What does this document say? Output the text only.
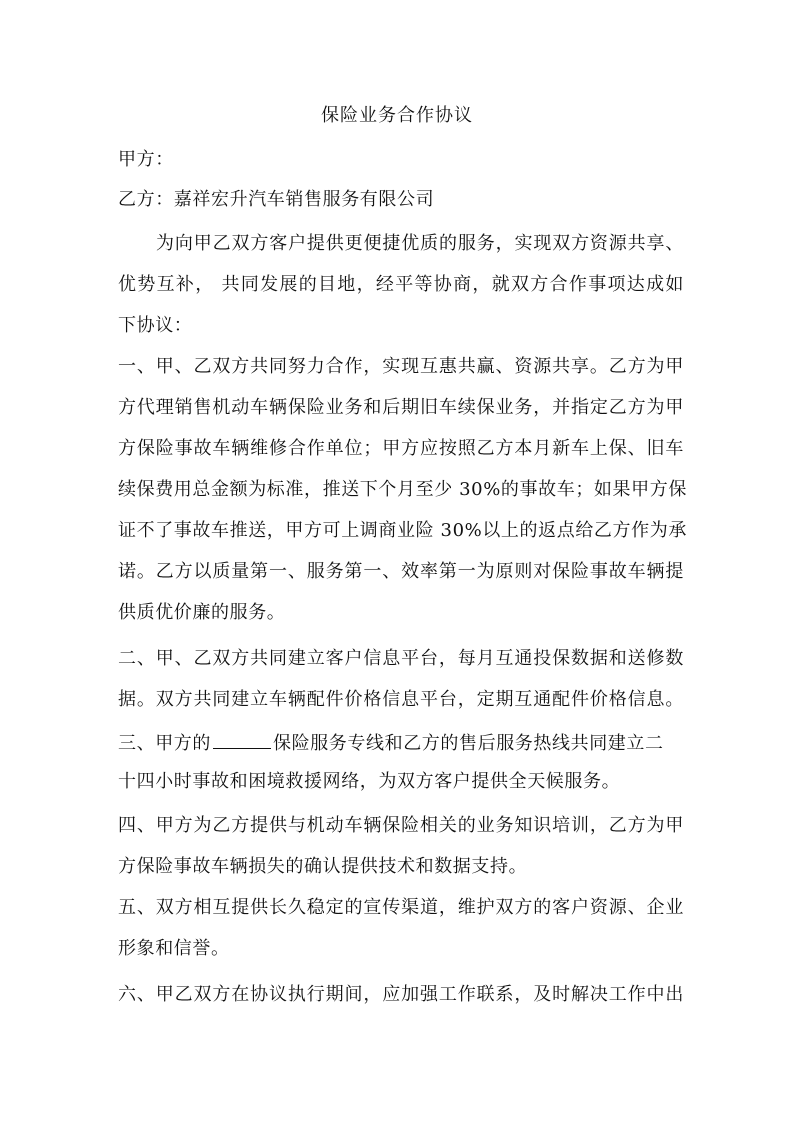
保险业务合作协议
甲方：
乙方：嘉祥宏升汽车销售服务有限公司
为向甲乙双方客户提供更便捷优质的服务，实现双方资源共享、
优势互补， 共同发展的目地，经平等协商，就双方合作事项达成如
下协议：
一、甲、乙双方共同努力合作，实现互惠共赢、资源共享。乙方为甲
方代理销售机动车辆保险业务和后期旧车续保业务，并指定乙方为甲
方保险事故车辆维修合作单位；甲方应按照乙方本月新车上保、旧车
续保费用总金额为标准，推送下个月至少 30%的事故车；如果甲方保
证不了事故车推送，甲方可上调商业险 30%以上的返点给乙方作为承
诺。乙方以质量第一、服务第一、效率第一为原则对保险事故车辆提
供质优价廉的服务。
二、甲、乙双方共同建立客户信息平台，每月互通投保数据和送修数
据。双方共同建立车辆配件价格信息平台，定期互通配件价格信息。
三、甲方的	保险服务专线和乙方的售后服务热线共同建立二
十四小时事故和困境救援网络，为双方客户提供全天候服务。
四、甲方为乙方提供与机动车辆保险相关的业务知识培训，乙方为甲
方保险事故车辆损失的确认提供技术和数据支持。
五、双方相互提供长久稳定的宣传渠道，维护双方的客户资源、企业
形象和信誉。
六、甲乙双方在协议执行期间，应加强工作联系，及时解决工作中出
